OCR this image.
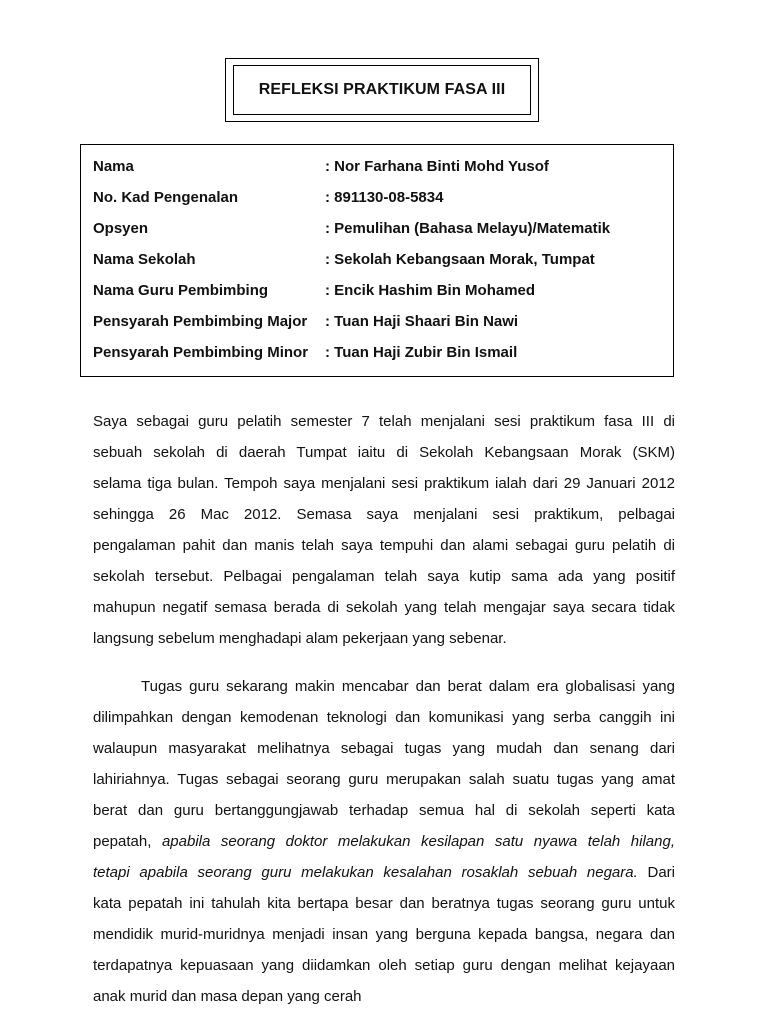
REFLEKSI PRAKTIKUM FASA III
Nama	: Nor Farhana Binti Mohd Yusof
No. Kad Pengenalan	: 891130-08-5834
Opsyen	: Pemulihan (Bahasa Melayu)/Matematik
Nama Sekolah	: Sekolah Kebangsaan Morak, Tumpat
Nama Guru Pembimbing	: Encik Hashim Bin Mohamed
Pensyarah Pembimbing Major : Tuan Haji Shaari Bin Nawi
Pensyarah Pembimbing Minor : Tuan Haji Zubir Bin Ismail
Saya sebagai guru pelatih semester 7 telah menjalani sesi praktikum fasa III di
sebuah sekolah di daerah Tumpat iaitu di Sekolah Kebangsaan Morak (SKM)
selama tiga bulan. Tempoh saya menjalani sesi praktikum ialah dari 29 Januari 2012
sehingga 26 Mac 2012. Semasa saya menjalani sesi praktikum, pelbagai
pengalaman pahit dan manis telah saya tempuhi dan alami sebagai guru pelatih di
sekolah tersebut. Pelbagai pengalaman telah saya kutip sama ada yang positif
mahupun negatif semasa berada di sekolah yang telah mengajar saya secara tidak
langsung sebelum menghadapi alam pekerjaan yang sebenar.
Tugas guru sekarang makin mencabar dan berat dalam era globalisasi yang
dilimpahkan dengan kemodenan teknologi dan komunikasi yang serba canggih ini
walaupun masyarakat melihatnya sebagai tugas yang mudah dan senang dari
lahiriahnya. Tugas sebagai seorang guru merupakan salah suatu tugas yang amat
berat dan guru bertanggungjawab terhadap semua hal di sekolah seperti kata
pepatah, apabila seorang doktor melakukan kesilapan satu nyawa telah hilang,
tetapi apabila seorang guru melakukan kesalahan rosaklah sebuah negara. Dari
kata pepatah ini tahulah kita bertapa besar dan beratnya tugas seorang guru untuk
mendidik murid-muridnya menjadi insan yang berguna kepada bangsa, negara dan
terdapatnya kepuasaan yang diidamkan oleh setiap guru dengan melihat kejayaan
anak murid dan masa depan yang cerah
